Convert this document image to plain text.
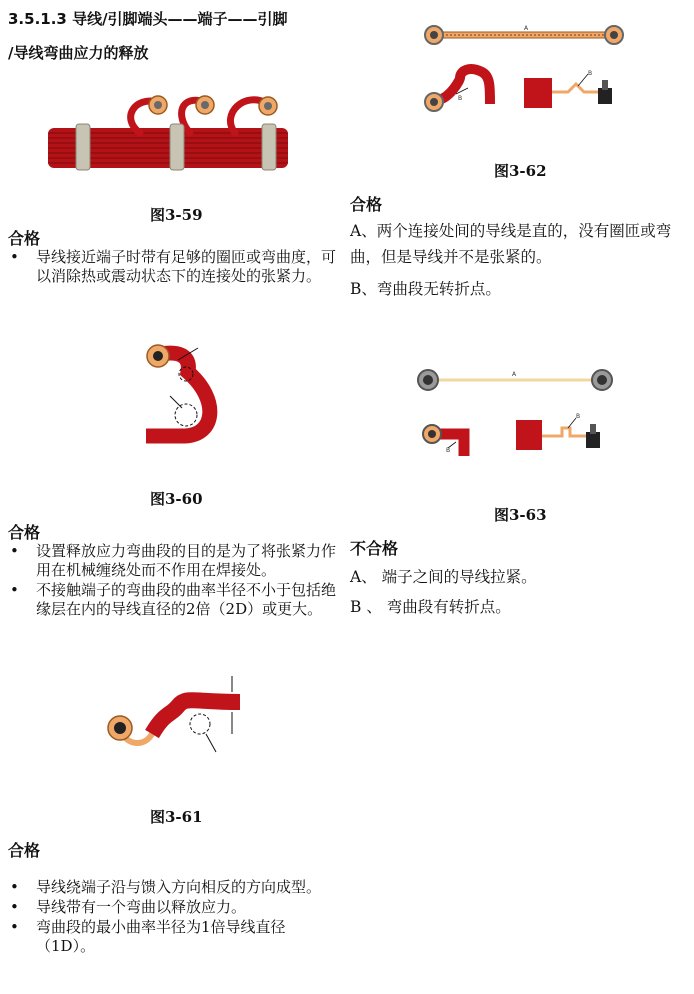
3.5.1.3 导线/引脚端头——端子——引脚
/导线弯曲应力的释放
图3-59
合格
• 导线接近端子时带有足够的圈匝或弯曲度，可以消除热或震动状态下的连接处的张紧力。
图3-60
合格
• 设置释放应力弯曲段的目的是为了将张紧力作用在机械缠绕处而不作用在焊接处。
• 不接触端子的弯曲段的曲率半径不小于包括绝缘层在内的导线直径的2倍（2D）或更大。
图3-61
合格
• 导线绕端子沿与馈入方向相反的方向成型。
• 导线带有一个弯曲以释放应力。
• 弯曲段的最小曲率半径为1倍导线直径（1D）。
A
B
B
图3-62
合格
A、两个连接处间的导线是直的，没有圈匝或弯曲，但是导线并不是张紧的。
B、弯曲段无转折点。
A
B
B
图3-63
不合格
A、 端子之间的导线拉紧。
B 、 弯曲段有转折点。
